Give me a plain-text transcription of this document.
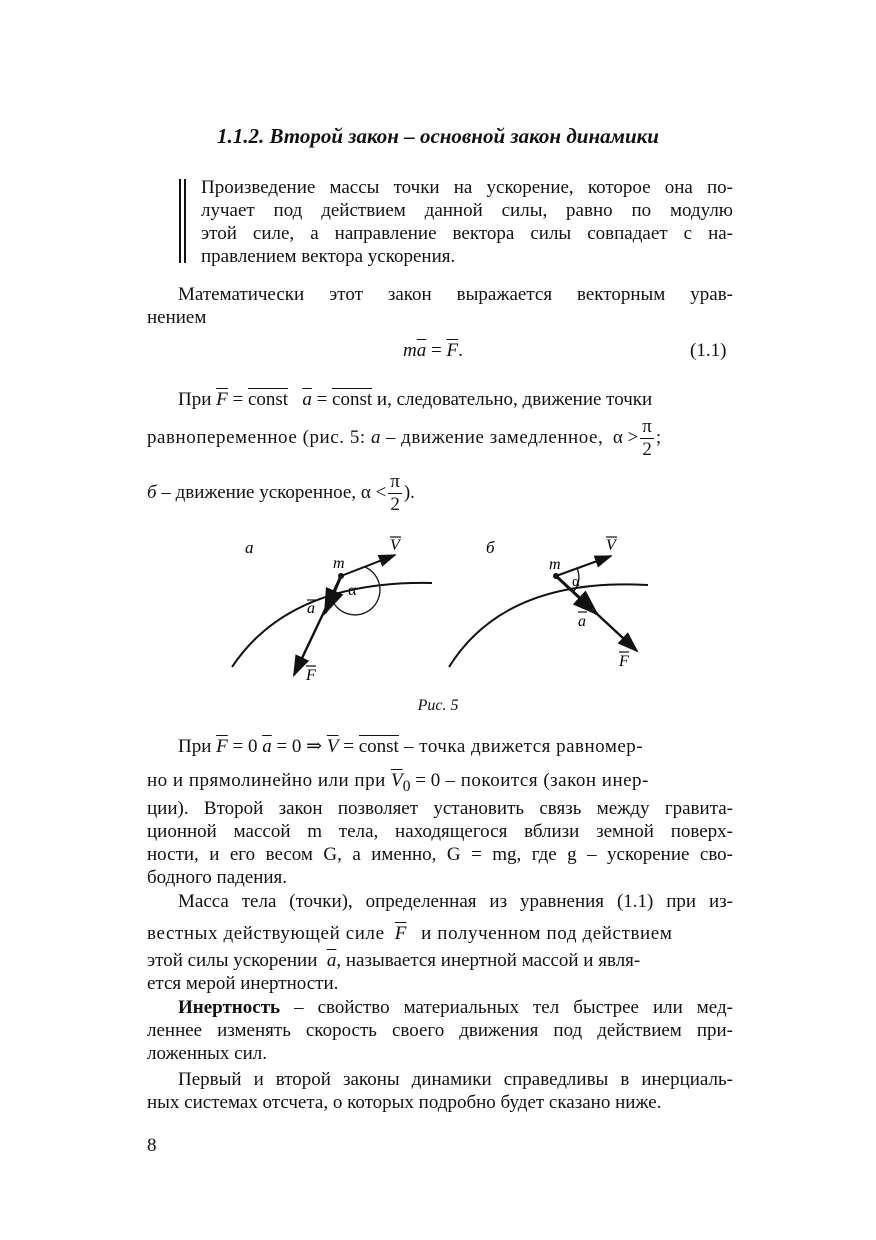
1.1.2. Второй закон – основной закон динамики
Произведение массы точки на ускорение, которое она по-
лучает под действием данной силы, равно по модулю
этой силе, а направление вектора силы совпадает с на-
правлением вектора ускорения.
Математически этот закон выражается векторным урав-
нением
$m\overline{a} = \overline{F}$.	(1.1)
При $\overline{F}$ = const $\overline{a}$ = const и, следовательно, движение точки
равнопеременное (рис. 5: а – движение замедленное, $\alpha > \frac{\pi}{2}$ ;
б – движение ускоренное, $\alpha < \frac{\pi}{2}$ ).
а
m
V
α
a
F
б
m
V
α
a
F
Рис. 5
При $\overline{F} = 0$ $\overline{a} = 0$ ⇒ $\overline{V}$ = const – точка движется равномер-
но и прямолинейно или при $\overline{V}_0 = 0$ – покоится (закон инер-
ции). Второй закон позволяет установить связь между гравита-
ционной массой m тела, находящегося вблизи земной поверх-
ности, и его весом G, а именно, G = mg, где g – ускорение сво-
бодного падения.
Масса тела (точки), определенная из уравнения (1.1) при из-
вестных действующей силе  $\overline{F}$   и полученном под действием
этой силы ускорении  $\overline{a}$, называется инертной массой и явля-
ется мерой инертности.
Инертность – свойство материальных тел быстрее или мед-
леннее изменять скорость своего движения под действием при-
ложенных сил.
Первый и второй законы динамики справедливы в инерциаль-
ных системах отсчета, о которых подробно будет сказано ниже.
8
